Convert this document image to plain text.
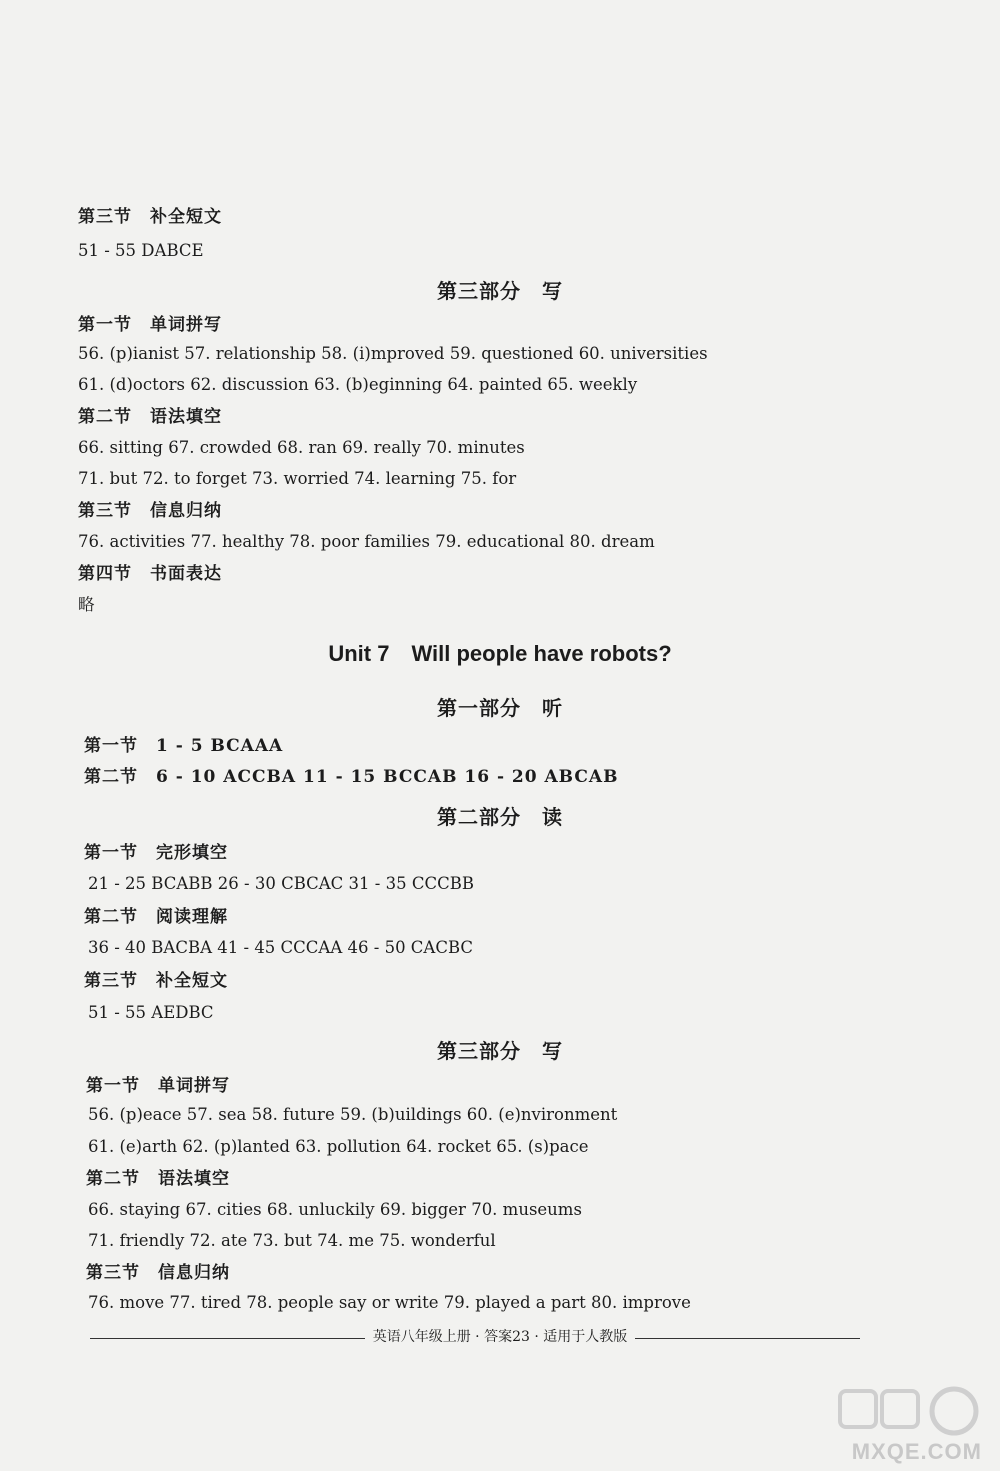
第三节　补全短文
51 - 55 DABCE
第三部分　写
第一节　单词拼写
56. (p)ianist 57. relationship 58. (i)mproved 59. questioned 60. universities
61. (d)octors 62. discussion 63. (b)eginning 64. painted 65. weekly
第二节　语法填空
66. sitting 67. crowded 68. ran 69. really 70. minutes
71. but 72. to forget 73. worried 74. learning 75. for
第三节　信息归纳
76. activities 77. healthy 78. poor families 79. educational 80. dream
第四节　书面表达
略
Unit 7　Will people have robots?
第一部分　听
第一节　1 - 5 BCAAA
第二节　6 - 10 ACCBA 11 - 15 BCCAB 16 - 20 ABCAB
第二部分　读
第一节　完形填空
21 - 25 BCABB 26 - 30 CBCAC 31 - 35 CCCBB
第二节　阅读理解
36 - 40 BACBA 41 - 45 CCCAA 46 - 50 CACBC
第三节　补全短文
51 - 55 AEDBC
第三部分　写
第一节　单词拼写
56. (p)eace 57. sea 58. future 59. (b)uildings 60. (e)nvironment
61. (e)arth 62. (p)lanted 63. pollution 64. rocket 65. (s)pace
第二节　语法填空
66. staying 67. cities 68. unluckily 69. bigger 70. museums
71. friendly 72. ate 73. but 74. me 75. wonderful
第三节　信息归纳
76. move 77. tired 78. people say or write 79. played a part 80. improve
英语八年级上册 · 答案23 · 适用于人教版
MXQE.COM
